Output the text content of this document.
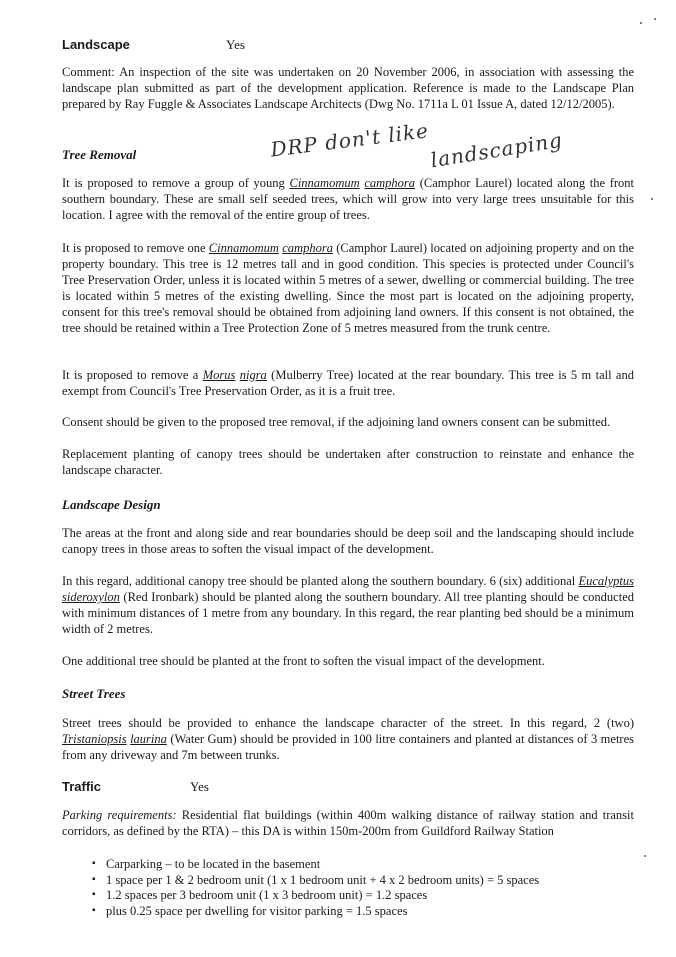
Landscape	Yes
Comment: An inspection of the site was undertaken on 20 November 2006, in association with assessing the landscape plan submitted as part of the development application. Reference is made to the Landscape Plan prepared by Ray Fuggle & Associates Landscape Architects (Dwg No. 1711a L 01 Issue A, dated 12/12/2005).
Tree Removal
It is proposed to remove a group of young Cinnamomum camphora (Camphor Laurel) located along the front southern boundary. These are small self seeded trees, which will grow into very large trees unsuitable for this location. I agree with the removal of the entire group of trees.
It is proposed to remove one Cinnamomum camphora (Camphor Laurel) located on adjoining property and on the property boundary. This tree is 12 metres tall and in good condition. This species is protected under Council's Tree Preservation Order, unless it is located within 5 metres of a sewer, dwelling or commercial building. The tree is located within 5 metres of the existing dwelling. Since the most part is located on the adjoining property, consent for this tree's removal should be obtained from adjoining land owners. If this consent is not obtained, the tree should be retained within a Tree Protection Zone of 5 metres measured from the trunk centre.
It is proposed to remove a Morus nigra (Mulberry Tree) located at the rear boundary. This tree is 5 m tall and exempt from Council's Tree Preservation Order, as it is a fruit tree.
Consent should be given to the proposed tree removal, if the adjoining land owners consent can be submitted.
Replacement planting of canopy trees should be undertaken after construction to reinstate and enhance the landscape character.
Landscape Design
The areas at the front and along side and rear boundaries should be deep soil and the landscaping should include canopy trees in those areas to soften the visual impact of the development.
In this regard, additional canopy tree should be planted along the southern boundary. 6 (six) additional Eucalyptus sideroxylon (Red Ironbark) should be planted along the southern boundary. All tree planting should be conducted with minimum distances of 1 metre from any boundary. In this regard, the rear planting bed should be a minimum width of 2 metres.
One additional tree should be planted at the front to soften the visual impact of the development.
Street Trees
Street trees should be provided to enhance the landscape character of the street. In this regard, 2 (two) Tristaniopsis laurina (Water Gum) should be provided in 100 litre containers and planted at distances of 3 metres from any driveway and 7m between trunks.
Traffic	Yes
Parking requirements: Residential flat buildings (within 400m walking distance of railway station and transit corridors, as defined by the RTA) – this DA is within 150m-200m from Guildford Railway Station
▪ Carparking – to be located in the basement
▪ 1 space per 1 & 2 bedroom unit (1 x 1 bedroom unit + 4 x 2 bedroom units) = 5 spaces
▪ 1.2 spaces per 3 bedroom unit (1 x 3 bedroom unit) = 1.2 spaces
▪ plus 0.25 space per dwelling for visitor parking = 1.5 spaces
DRP don't like
landscaping
